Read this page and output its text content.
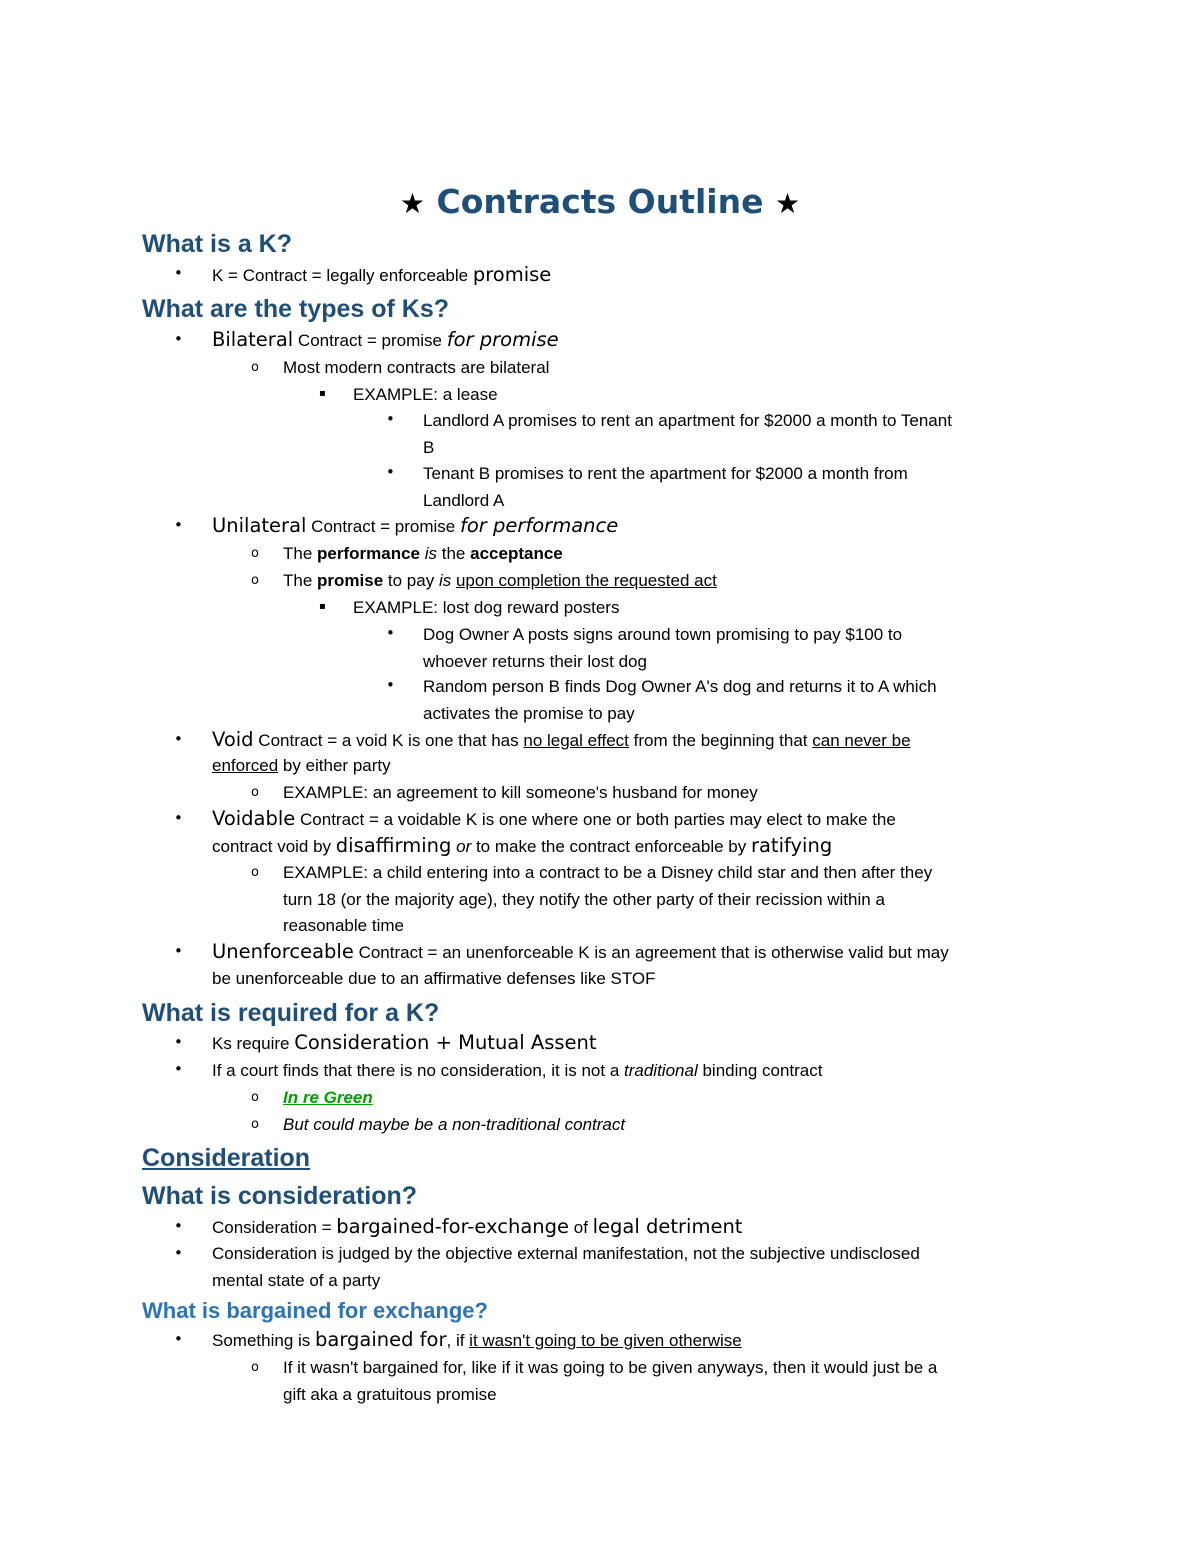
★ Contracts Outline ★
What is a K?
• K = Contract = legally enforceable promise
What are the types of Ks?
• Bilateral Contract = promise for promise
o Most modern contracts are bilateral
▪ EXAMPLE: a lease
• Landlord A promises to rent an apartment for $2000 a month to Tenant
B
• Tenant B promises to rent the apartment for $2000 a month from
Landlord A
• Unilateral Contract = promise for performance
o The performance is the acceptance
o The promise to pay is upon completion the requested act
▪ EXAMPLE: lost dog reward posters
• Dog Owner A posts signs around town promising to pay $100 to
whoever returns their lost dog
• Random person B finds Dog Owner A's dog and returns it to A which
activates the promise to pay
• Void Contract = a void K is one that has no legal effect from the beginning that can never be
enforced by either party
o EXAMPLE: an agreement to kill someone's husband for money
• Voidable Contract = a voidable K is one where one or both parties may elect to make the
contract void by disaffirming or to make the contract enforceable by ratifying
o EXAMPLE: a child entering into a contract to be a Disney child star and then after they
turn 18 (or the majority age), they notify the other party of their recission within a
reasonable time
• Unenforceable Contract = an unenforceable K is an agreement that is otherwise valid but may
be unenforceable due to an affirmative defenses like STOF
What is required for a K?
• Ks require Consideration + Mutual Assent
• If a court finds that there is no consideration, it is not a traditional binding contract
o In re Green
o But could maybe be a non-traditional contract
Consideration
What is consideration?
• Consideration = bargained-for-exchange of legal detriment
• Consideration is judged by the objective external manifestation, not the subjective undisclosed
mental state of a party
What is bargained for exchange?
• Something is bargained for, if it wasn't going to be given otherwise
o If it wasn't bargained for, like if it was going to be given anyways, then it would just be a
gift aka a gratuitous promise
